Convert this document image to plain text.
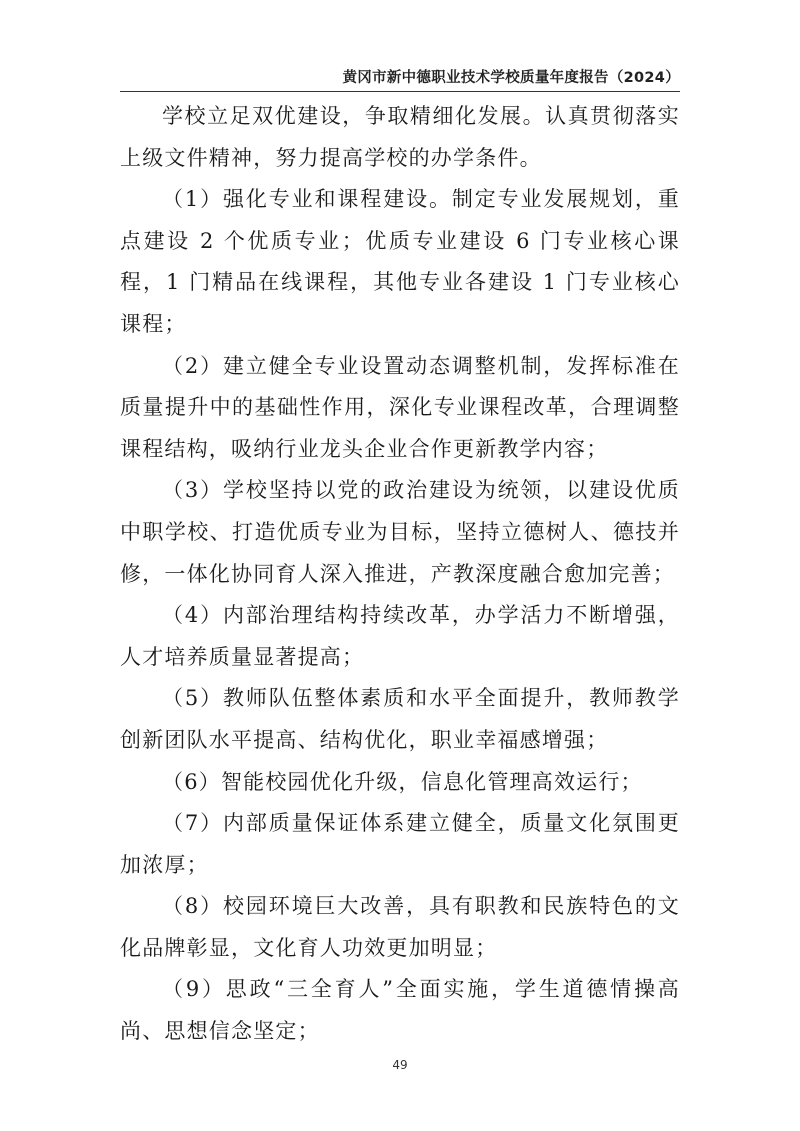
黄冈市新中德职业技术学校质量年度报告（2024）

学校立足双优建设，争取精细化发展。认真贯彻落实上级文件精神，努力提高学校的办学条件。

（1）强化专业和课程建设。制定专业发展规划，重点建设 2 个优质专业；优质专业建设 6 门专业核心课程，1 门精品在线课程，其他专业各建设 1 门专业核心课程；

（2）建立健全专业设置动态调整机制，发挥标准在质量提升中的基础性作用，深化专业课程改革，合理调整课程结构，吸纳行业龙头企业合作更新教学内容；

（3）学校坚持以党的政治建设为统领，以建设优质中职学校、打造优质专业为目标，坚持立德树人、德技并修，一体化协同育人深入推进，产教深度融合愈加完善；

（4）内部治理结构持续改革，办学活力不断增强，人才培养质量显著提高；

（5）教师队伍整体素质和水平全面提升，教师教学创新团队水平提高、结构优化，职业幸福感增强；

（6）智能校园优化升级，信息化管理高效运行；

（7）内部质量保证体系建立健全，质量文化氛围更加浓厚；

（8）校园环境巨大改善，具有职教和民族特色的文化品牌彰显，文化育人功效更加明显；

（9）思政“三全育人”全面实施，学生道德情操高尚、思想信念坚定；

49
